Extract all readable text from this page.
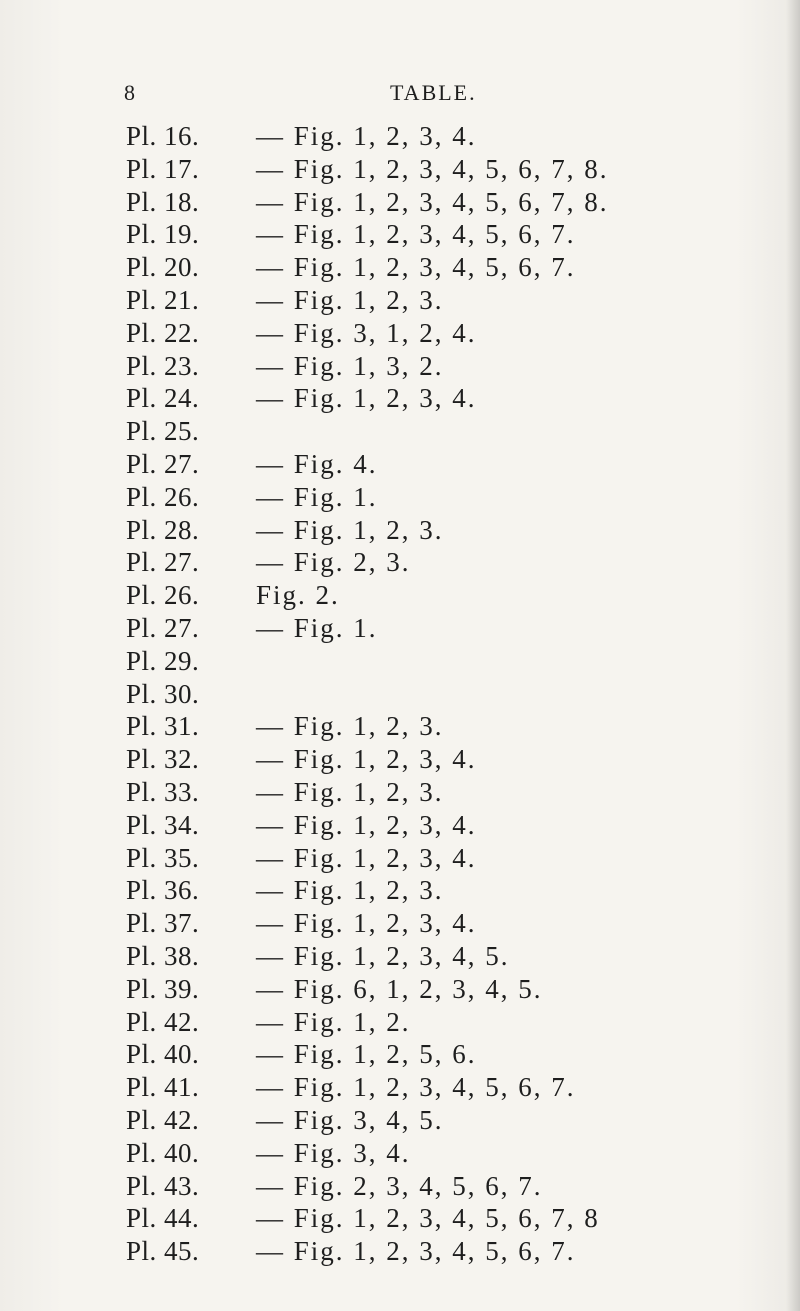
8	TABLE.
Pl. 16. — Fig. 1, 2, 3, 4.
Pl. 17. — Fig. 1, 2, 3, 4, 5, 6, 7, 8.
Pl. 18. — Fig. 1, 2, 3, 4, 5, 6, 7, 8.
Pl. 19. — Fig. 1, 2, 3, 4, 5, 6, 7.
Pl. 20. — Fig. 1, 2, 3, 4, 5, 6, 7.
Pl. 21. — Fig. 1, 2, 3.
Pl. 22. — Fig. 3, 1, 2, 4.
Pl. 23. — Fig. 1, 3, 2.
Pl. 24. — Fig. 1, 2, 3, 4.
Pl. 25.
Pl. 27. — Fig. 4.
Pl. 26. — Fig. 1.
Pl. 28. — Fig. 1, 2, 3.
Pl. 27. — Fig. 2, 3.
Pl. 26. Fig. 2.
Pl. 27. — Fig. 1.
Pl. 29.
Pl. 30.
Pl. 31. — Fig. 1, 2, 3.
Pl. 32. — Fig. 1, 2, 3, 4.
Pl. 33. — Fig. 1, 2, 3.
Pl. 34. — Fig. 1, 2, 3, 4.
Pl. 35. — Fig. 1, 2, 3, 4.
Pl. 36. — Fig. 1, 2, 3.
Pl. 37. — Fig. 1, 2, 3, 4.
Pl. 38. — Fig. 1, 2, 3, 4, 5.
Pl. 39. — Fig. 6, 1, 2, 3, 4, 5.
Pl. 42. — Fig. 1, 2.
Pl. 40. — Fig. 1, 2, 5, 6.
Pl. 41. — Fig. 1, 2, 3, 4, 5, 6, 7.
Pl. 42. — Fig. 3, 4, 5.
Pl. 40. — Fig. 3, 4.
Pl. 43. — Fig. 2, 3, 4, 5, 6, 7.
Pl. 44. — Fig. 1, 2, 3, 4, 5, 6, 7, 8
Pl. 45. — Fig. 1, 2, 3, 4, 5, 6, 7.
